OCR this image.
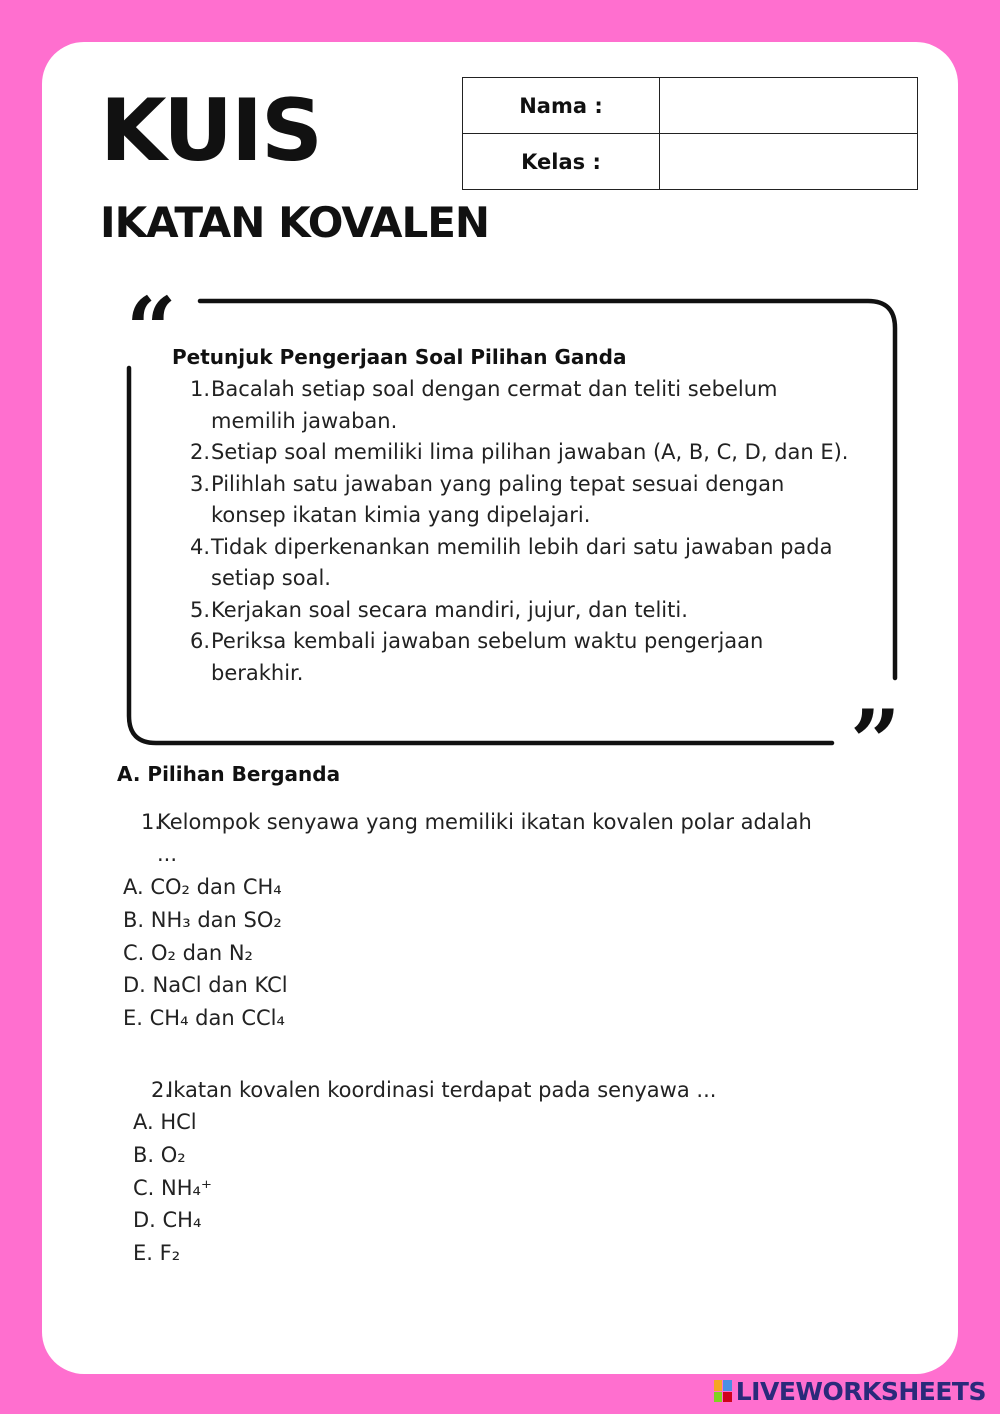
KUIS
IKATAN KOVALEN
Nama :	
Kelas :	
“
”
Petunjuk Pengerjaan Soal Pilihan Ganda
1. Bacalah setiap soal dengan cermat dan teliti sebelum memilih jawaban.
2. Setiap soal memiliki lima pilihan jawaban (A, B, C, D, dan E).
3. Pilihlah satu jawaban yang paling tepat sesuai dengan konsep ikatan kimia yang dipelajari.
4. Tidak diperkenankan memilih lebih dari satu jawaban pada setiap soal.
5. Kerjakan soal secara mandiri, jujur, dan teliti.
6. Periksa kembali jawaban sebelum waktu pengerjaan berakhir.
A. Pilihan Berganda
1.
Kelompok senyawa yang memiliki ikatan kovalen polar adalah ...
A. CO₂ dan CH₄
B. NH₃ dan SO₂
C. O₂ dan N₂
D. NaCl dan KCl
E. CH₄ dan CCl₄
2.
Ikatan kovalen koordinasi terdapat pada senyawa ...
A. HCl
B. O₂
C. NH₄⁺
D. CH₄
E. F₂
LIVEWORKSHEETS
